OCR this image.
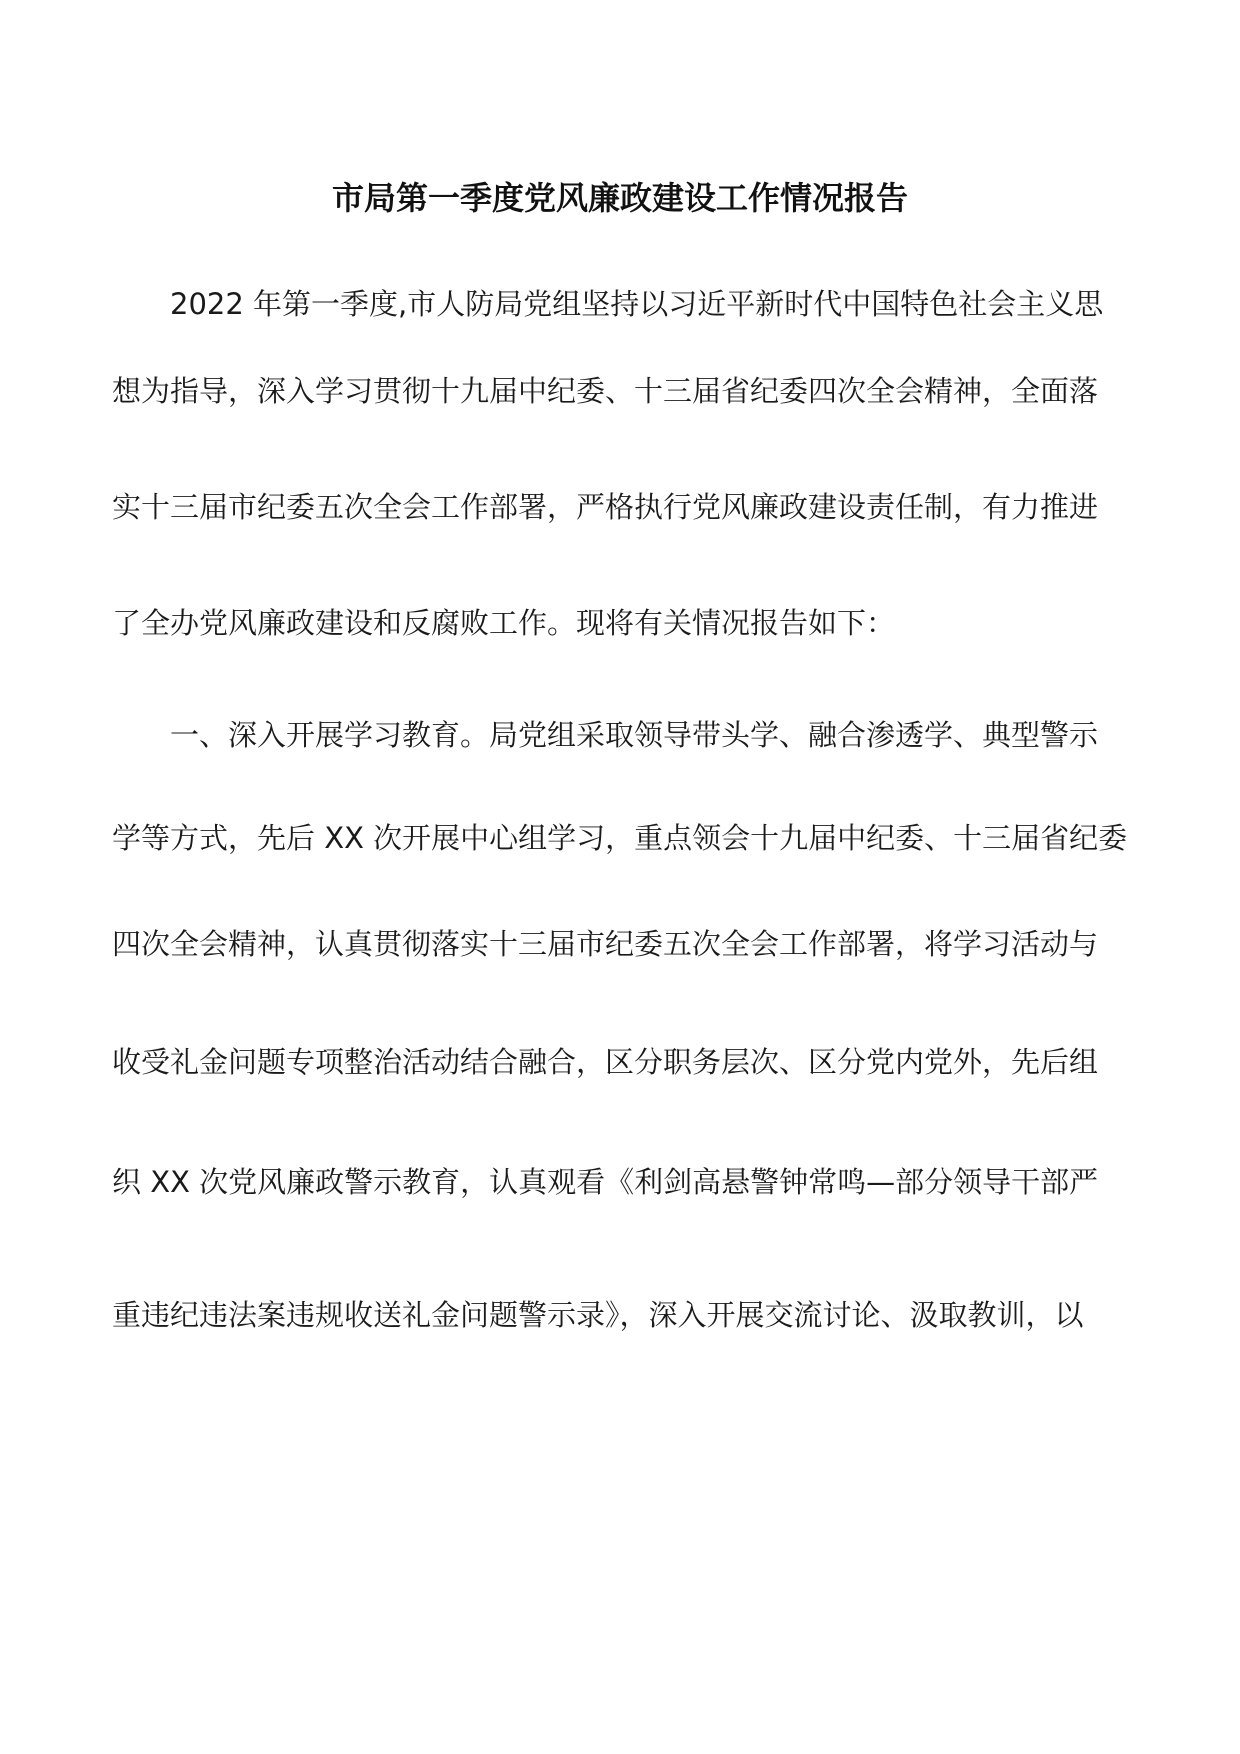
市局第一季度党风廉政建设工作情况报告
2022 年第一季度,市人防局党组坚持以习近平新时代中国特色社会主义思
想为指导，深入学习贯彻十九届中纪委、十三届省纪委四次全会精神，全面落
实十三届市纪委五次全会工作部署，严格执行党风廉政建设责任制，有力推进
了全办党风廉政建设和反腐败工作。现将有关情况报告如下：
一、深入开展学习教育。局党组采取领导带头学、融合渗透学、典型警示
学等方式，先后 XX 次开展中心组学习，重点领会十九届中纪委、十三届省纪委
四次全会精神，认真贯彻落实十三届市纪委五次全会工作部署，将学习活动与
收受礼金问题专项整治活动结合融合，区分职务层次、区分党内党外，先后组
织 XX 次党风廉政警示教育，认真观看《利剑高悬警钟常鸣—部分领导干部严
重违纪违法案违规收送礼金问题警示录》，深入开展交流讨论、汲取教训，以
